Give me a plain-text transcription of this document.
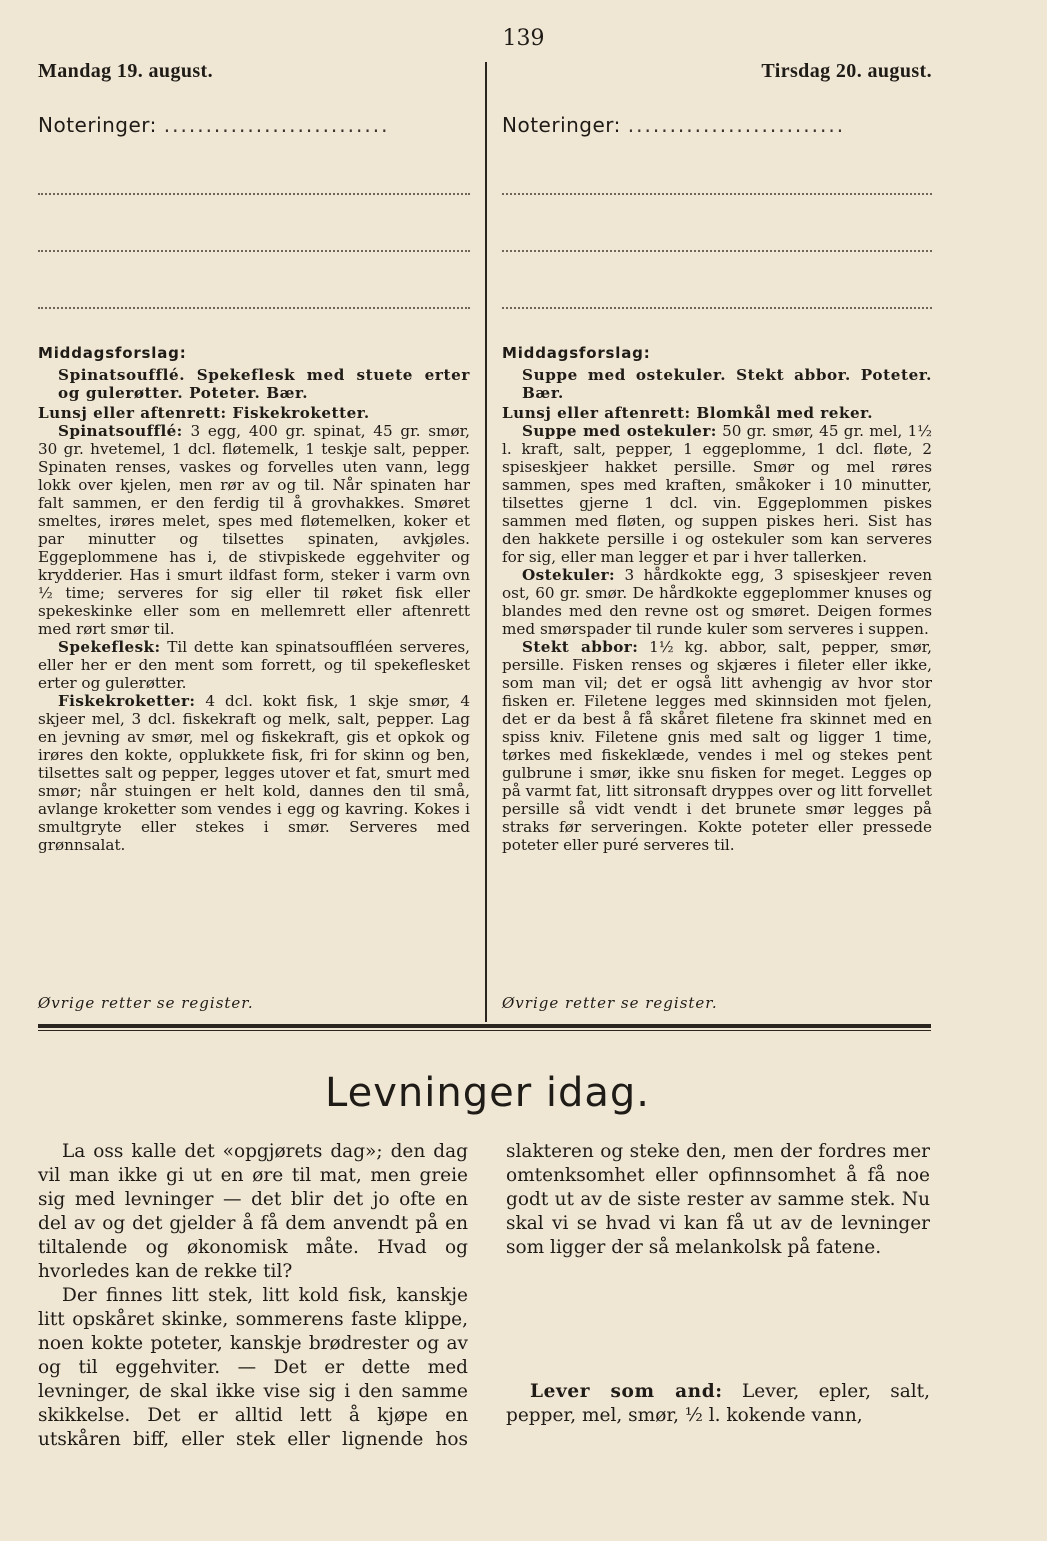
139
Mandag 19. august.
Noteringer: ...........................
Middagsforslag:

Spinatsoufflé. Spekeflesk med stuete erter og gulerøtter. Poteter. Bær.

Lunsj eller aftenrett: Fiskekroketter.

Spinatsoufflé: 3 egg, 400 gr. spinat, 45 gr. smør, 30 gr. hvetemel, 1 dcl. fløtemelk, 1 teskje salt, pepper. Spinaten renses, vaskes og forvelles uten vann, legg lokk over kjelen, men rør av og til. Når spinaten har falt sammen, er den ferdig til å grovhakkes. Smøret smeltes, irøres melet, spes med fløtemelken, koker et par minutter og tilsettes spinaten, avkjøles. Eggeplommene has i, de stivpiskede eggehviter og krydderier. Has i smurt ildfast form, steker i varm ovn ½ time; serveres for sig eller til røket fisk eller spekeskinke eller som en mellemrett eller aftenrett med rørt smør til.

Spekeflesk: Til dette kan spinatsouffléen serveres, eller her er den ment som forrett, og til spekeflesket erter og gulerøtter.

Fiskekroketter: 4 dcl. kokt fisk, 1 skje smør, 4 skjeer mel, 3 dcl. fiskekraft og melk, salt, pepper. Lag en jevning av smør, mel og fiskekraft, gis et opkok og irøres den kokte, opplukkete fisk, fri for skinn og ben, tilsettes salt og pepper, legges utover et fat, smurt med smør; når stuingen er helt kold, dannes den til små, avlange kroketter som vendes i egg og kavring. Kokes i smultgryte eller stekes i smør. Serveres med grønnsalat.

Øvrige retter se register.
Tirsdag 20. august.
Noteringer: ..........................
Middagsforslag:

Suppe med ostekuler. Stekt abbor. Poteter. Bær.

Lunsj eller aftenrett: Blomkål med reker.

Suppe med ostekuler: 50 gr. smør, 45 gr. mel, 1½ l. kraft, salt, pepper, 1 eggeplomme, 1 dcl. fløte, 2 spiseskjeer hakket persille. Smør og mel røres sammen, spes med kraften, småkoker i 10 minutter, tilsettes gjerne 1 dcl. vin. Eggeplommen piskes sammen med fløten, og suppen piskes heri. Sist has den hakkete persille i og ostekuler som kan serveres for sig, eller man legger et par i hver tallerken.

Ostekuler: 3 hårdkokte egg, 3 spiseskjeer reven ost, 60 gr. smør. De hårdkokte eggeplommer knuses og blandes med den revne ost og smøret. Deigen formes med smørspader til runde kuler som serveres i suppen.

Stekt abbor: 1½ kg. abbor, salt, pepper, smør, persille. Fisken renses og skjæres i fileter eller ikke, som man vil; det er også litt avhengig av hvor stor fisken er. Filetene legges med skinnsiden mot fjelen, det er da best å få skåret filetene fra skinnet med en spiss kniv. Filetene gnis med salt og ligger 1 time, tørkes med fiskeklæde, vendes i mel og stekes pent gulbrune i smør, ikke snu fisken for meget. Legges op på varmt fat, litt sitronsaft dryppes over og litt forvellet persille så vidt vendt i det brunete smør legges på straks før serveringen. Kokte poteter eller pressede poteter eller puré serveres til.

Øvrige retter se register.
Levninger idag.

La oss kalle det «opgjørets dag»; den dag vil man ikke gi ut en øre til mat, men greie sig med levninger — det blir det jo ofte en del av og det gjelder å få dem anvendt på en tiltalende og økonomisk måte. Hvad og hvorledes kan de rekke til?

Der finnes litt stek, litt kold fisk, kanskje litt opskåret skinke, sommerens faste klippe, noen kokte poteter, kanskje brødrester og av og til eggehviter. — Det er dette med levninger, de skal ikke vise sig i den samme skikkelse. Det er alltid lett å kjøpe en utskåren biff, eller stek eller lignende hos

slakteren og steke den, men der fordres mer omtenksomhet eller opfinnsomhet å få noe godt ut av de siste rester av samme stek. Nu skal vi se hvad vi kan få ut av de levninger som ligger der så melankolsk på fatene.

Lever som and: Lever, epler, salt, pepper, mel, smør, ½ l. kokende vann,
